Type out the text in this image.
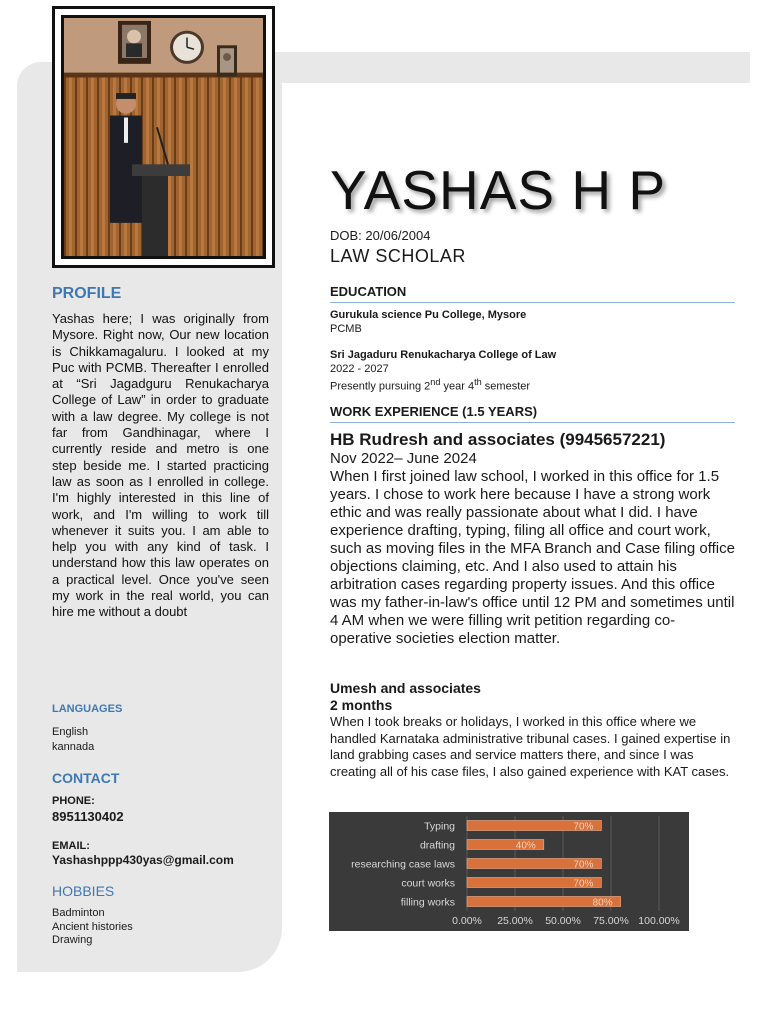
PROFILE
Yashas here; I was originally from Mysore. Right now, Our new location is Chikkamagaluru. I looked at my Puc with PCMB. Thereafter I enrolled at “Sri Jagadguru Renukacharya College of Law” in order to graduate with a law degree. My college is not far from Gandhinagar, where I currently reside and metro is one step beside me. I started practicing law as soon as I enrolled in college. I'm highly interested in this line of work, and I'm willing to work till whenever it suits you. I am able to help you with any kind of task. I understand how this law operates on a practical level. Once you've seen my work in the real world, you can hire me without a doubt
LANGUAGES
English
kannada
CONTACT
PHONE:
8951130402
EMAIL:
Yashashppp430yas@gmail.com
HOBBIES
Badminton
Ancient histories
Drawing
YASHAS H P
DOB: 20/06/2004
LAW SCHOLAR
EDUCATION
Gurukula science Pu College, Mysore
PCMB
Sri Jagaduru Renukacharya College of Law
2022 - 2027
Presently pursuing 2nd year 4th semester
WORK EXPERIENCE (1.5 YEARS)
HB Rudresh and associates (9945657221)
Nov 2022– June 2024
When I first joined law school, I worked in this office for 1.5 years. I chose to work here because I have a strong work ethic and was really passionate about what I did. I have experience drafting, typing, filing all office and court work, such as moving files in the MFA Branch and Case filing office objections claiming, etc. And I also used to attain his arbitration cases regarding property issues. And this office was my father-in-law's office until 12 PM and sometimes until 4 AM when we were filling writ petition regarding co-operative societies election matter.
Umesh and associates
2 months
When I took breaks or holidays, I worked in this office where we handled Karnataka administrative tribunal cases. I gained expertise in land grabbing cases and service matters there, and since I was creating all of his case files, I also gained experience with KAT cases.
0.00% 25.00% 50.00% 75.00% 100.00%
Typing	70%
drafting	40%
researching case laws	70%
court works	70%
filling works	80%
